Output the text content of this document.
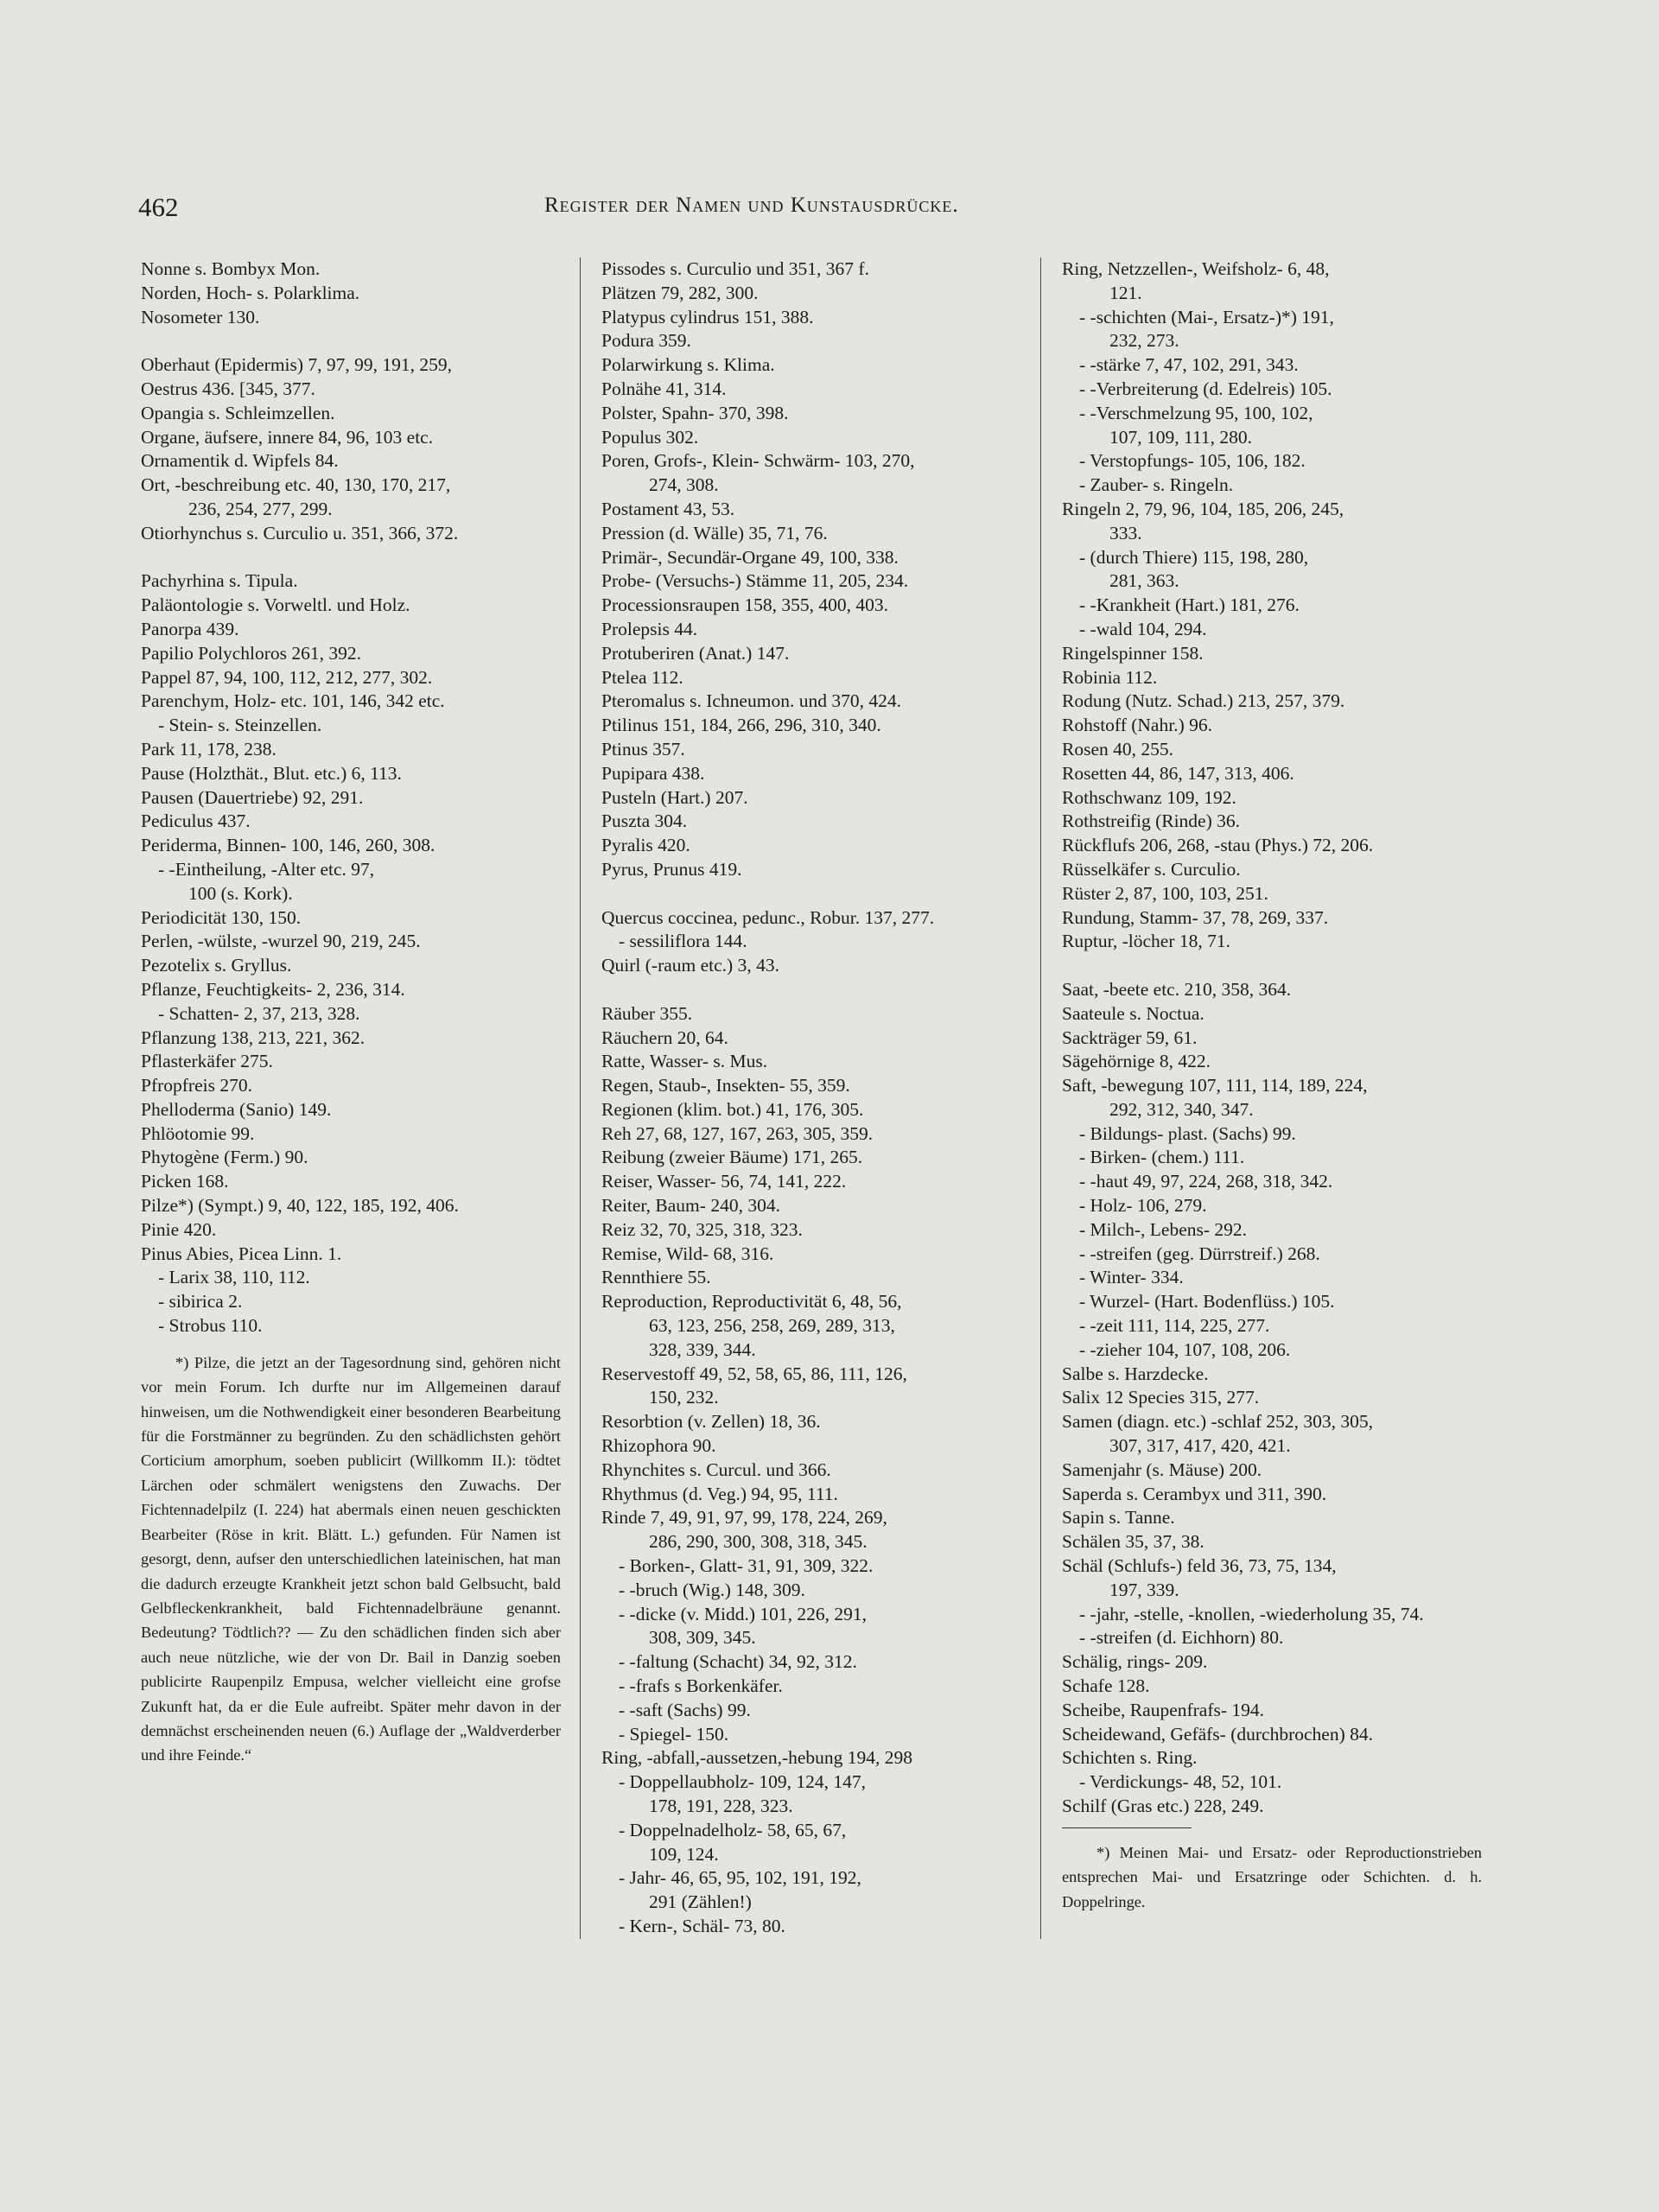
462	Register der Namen und Kunstausdrücke.
Nonne s. Bombyx Mon.
Norden, Hoch- s. Polarklima.
Nosometer 130.
Oberhaut (Epidermis) 7, 97, 99, 191, 259,
Oestrus 436. [345, 377.
Opangia s. Schleimzellen.
Organe, äufsere, innere 84, 96, 103 etc.
Ornamentik d. Wipfels 84.
Ort, -beschreibung etc. 40, 130, 170, 217,
236, 254, 277, 299.
Otiorhynchus s. Curculio u. 351, 366, 372.
Pachyrhina s. Tipula.
Paläontologie s. Vorweltl. und Holz.
Panorpa 439.
Papilio Polychloros 261, 392.
Pappel 87, 94, 100, 112, 212, 277, 302.
Parenchym, Holz- etc. 101, 146, 342 etc.
- Stein- s. Steinzellen.
Park 11, 178, 238.
Pause (Holzthät., Blut. etc.) 6, 113.
Pausen (Dauertriebe) 92, 291.
Pediculus 437.
Periderma, Binnen- 100, 146, 260, 308.
- -Eintheilung, -Alter etc. 97,
100 (s. Kork).
Periodicität 130, 150.
Perlen, -wülste, -wurzel 90, 219, 245.
Pezotelix s. Gryllus.
Pflanze, Feuchtigkeits- 2, 236, 314.
- Schatten- 2, 37, 213, 328.
Pflanzung 138, 213, 221, 362.
Pflasterkäfer 275.
Pfropfreis 270.
Phelloderma (Sanio) 149.
Phlöotomie 99.
Phytogène (Ferm.) 90.
Picken 168.
Pilze*) (Sympt.) 9, 40, 122, 185, 192, 406.
Pinie 420.
Pinus Abies, Picea Linn. 1.
- Larix 38, 110, 112.
- sibirica 2.
- Strobus 110.
*) Pilze, die jetzt an der Tagesordnung sind, gehören nicht vor mein Forum. Ich durfte nur im Allgemeinen darauf hinweisen, um die Nothwendigkeit einer besonderen Bearbeitung für die Forstmänner zu begründen. Zu den schädlichsten gehört Corticium amorphum, soeben publicirt (Willkomm II.): tödtet Lärchen oder schmälert wenigstens den Zuwachs. Der Fichtennadelpilz (I. 224) hat abermals einen neuen geschickten Bearbeiter (Röse in krit. Blätt. L.) gefunden. Für Namen ist gesorgt, denn, aufser den unterschiedlichen lateinischen, hat man die dadurch erzeugte Krankheit jetzt schon bald Gelbsucht, bald Gelbfleckenkrankheit, bald Fichtennadelbräune genannt. Bedeutung? Tödtlich?? — Zu den schädlichen finden sich aber auch neue nützliche, wie der von Dr. Bail in Danzig soeben publicirte Raupenpilz Empusa, welcher vielleicht eine grofse Zukunft hat, da er die Eule aufreibt. Später mehr davon in der demnächst erscheinenden neuen (6.) Auflage der „Waldverderber und ihre Feinde.“
Pissodes s. Curculio und 351, 367 f.
Plätzen 79, 282, 300.
Platypus cylindrus 151, 388.
Podura 359.
Polarwirkung s. Klima.
Polnähe 41, 314.
Polster, Spahn- 370, 398.
Populus 302.
Poren, Grofs-, Klein- Schwärm- 103, 270,
274, 308.
Postament 43, 53.
Pression (d. Wälle) 35, 71, 76.
Primär-, Secundär-Organe 49, 100, 338.
Probe- (Versuchs-) Stämme 11, 205, 234.
Processionsraupen 158, 355, 400, 403.
Prolepsis 44.
Protuberiren (Anat.) 147.
Ptelea 112.
Pteromalus s. Ichneumon. und 370, 424.
Ptilinus 151, 184, 266, 296, 310, 340.
Ptinus 357.
Pupipara 438.
Pusteln (Hart.) 207.
Puszta 304.
Pyralis 420.
Pyrus, Prunus 419.
Quercus coccinea, pedunc., Robur. 137, 277.
- sessiliflora 144.
Quirl (-raum etc.) 3, 43.
Räuber 355.
Räuchern 20, 64.
Ratte, Wasser- s. Mus.
Regen, Staub-, Insekten- 55, 359.
Regionen (klim. bot.) 41, 176, 305.
Reh 27, 68, 127, 167, 263, 305, 359.
Reibung (zweier Bäume) 171, 265.
Reiser, Wasser- 56, 74, 141, 222.
Reiter, Baum- 240, 304.
Reiz 32, 70, 325, 318, 323.
Remise, Wild- 68, 316.
Rennthiere 55.
Reproduction, Reproductivität 6, 48, 56,
63, 123, 256, 258, 269, 289, 313,
328, 339, 344.
Reservestoff 49, 52, 58, 65, 86, 111, 126,
150, 232.
Resorbtion (v. Zellen) 18, 36.
Rhizophora 90.
Rhynchites s. Curcul. und 366.
Rhythmus (d. Veg.) 94, 95, 111.
Rinde 7, 49, 91, 97, 99, 178, 224, 269,
286, 290, 300, 308, 318, 345.
- Borken-, Glatt- 31, 91, 309, 322.
- -bruch (Wig.) 148, 309.
- -dicke (v. Midd.) 101, 226, 291,
308, 309, 345.
- -faltung (Schacht) 34, 92, 312.
- -frafs s Borkenkäfer.
- -saft (Sachs) 99.
- Spiegel- 150.
Ring, -abfall,-aussetzen,-hebung 194, 298
- Doppellaubholz- 109, 124, 147,
178, 191, 228, 323.
- Doppelnadelholz- 58, 65, 67,
109, 124.
- Jahr- 46, 65, 95, 102, 191, 192,
291 (Zählen!)
- Kern-, Schäl- 73, 80.
Ring, Netzzellen-, Weifsholz- 6, 48,
121.
- -schichten (Mai-, Ersatz-)*) 191,
232, 273.
- -stärke 7, 47, 102, 291, 343.
- -Verbreiterung (d. Edelreis) 105.
- -Verschmelzung 95, 100, 102,
107, 109, 111, 280.
- Verstopfungs- 105, 106, 182.
- Zauber- s. Ringeln.
Ringeln 2, 79, 96, 104, 185, 206, 245,
333.
- (durch Thiere) 115, 198, 280,
281, 363.
- -Krankheit (Hart.) 181, 276.
- -wald 104, 294.
Ringelspinner 158.
Robinia 112.
Rodung (Nutz. Schad.) 213, 257, 379.
Rohstoff (Nahr.) 96.
Rosen 40, 255.
Rosetten 44, 86, 147, 313, 406.
Rothschwanz 109, 192.
Rothstreifig (Rinde) 36.
Rückflufs 206, 268, -stau (Phys.) 72, 206.
Rüsselkäfer s. Curculio.
Rüster 2, 87, 100, 103, 251.
Rundung, Stamm- 37, 78, 269, 337.
Ruptur, -löcher 18, 71.
Saat, -beete etc. 210, 358, 364.
Saateule s. Noctua.
Sackträger 59, 61.
Sägehörnige 8, 422.
Saft, -bewegung 107, 111, 114, 189, 224,
292, 312, 340, 347.
- Bildungs- plast. (Sachs) 99.
- Birken- (chem.) 111.
- -haut 49, 97, 224, 268, 318, 342.
- Holz- 106, 279.
- Milch-, Lebens- 292.
- -streifen (geg. Dürrstreif.) 268.
- Winter- 334.
- Wurzel- (Hart. Bodenflüss.) 105.
- -zeit 111, 114, 225, 277.
- -zieher 104, 107, 108, 206.
Salbe s. Harzdecke.
Salix 12 Species 315, 277.
Samen (diagn. etc.) -schlaf 252, 303, 305,
307, 317, 417, 420, 421.
Samenjahr (s. Mäuse) 200.
Saperda s. Cerambyx und 311, 390.
Sapin s. Tanne.
Schälen 35, 37, 38.
Schäl (Schlufs-) feld 36, 73, 75, 134,
197, 339.
- -jahr, -stelle, -knollen, -wiederholung 35, 74.
- -streifen (d. Eichhorn) 80.
Schälig, rings- 209.
Schafe 128.
Scheibe, Raupenfrafs- 194.
Scheidewand, Gefäfs- (durchbrochen) 84.
Schichten s. Ring.
- Verdickungs- 48, 52, 101.
Schilf (Gras etc.) 228, 249.
*) Meinen Mai- und Ersatz- oder Reproductionstrieben entsprechen Mai- und Ersatzringe oder Schichten. d. h. Doppelringe.
